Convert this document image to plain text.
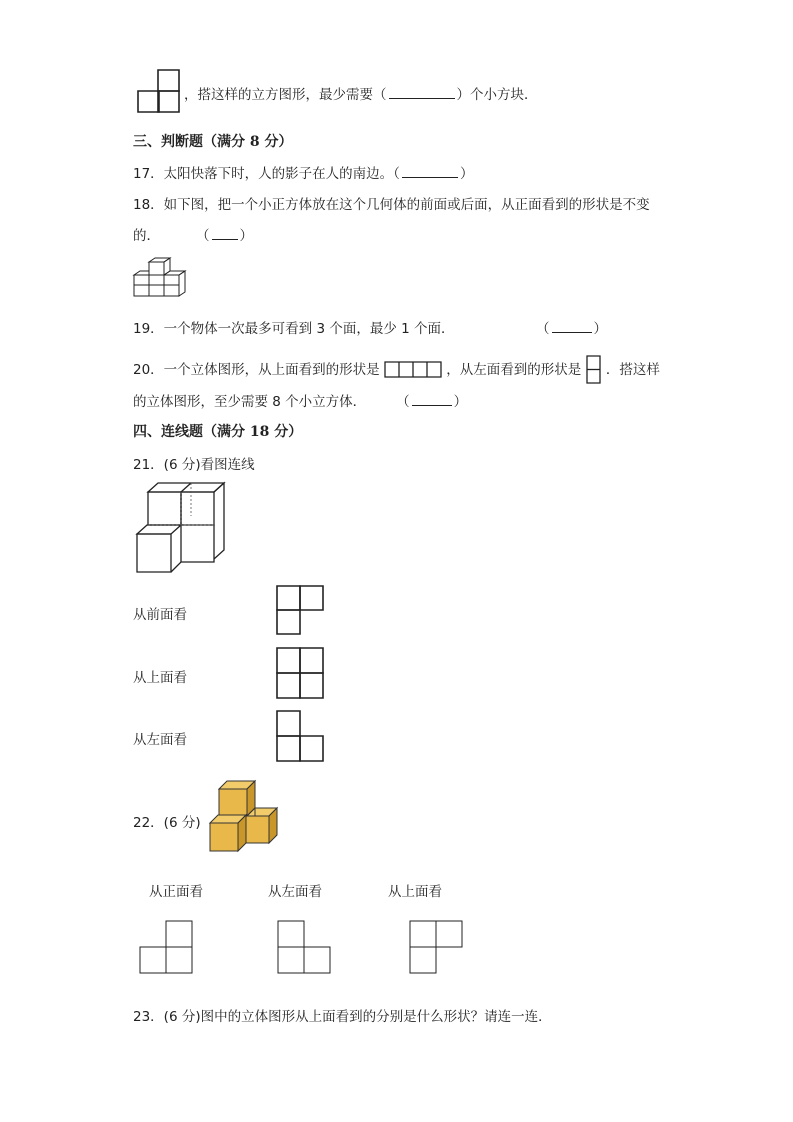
，搭这样的立方图形，最少需要（	）个小方块．
三、判断题（满分 8 分）
17．太阳快落下时，人的影子在人的南边。（	）
18．如下图，把一个小正方体放在这个几何体的前面或后面，从正面看到的形状是不变
的．	（ ）
19．一个物体一次最多可看到 3 个面，最少 1 个面．	（	）
20．一个立体图形，从上面看到的形状是	，从左面看到的形状是 ．搭这样
的立体图形，至少需要 8 个小立方体． （	）
四、连线题（满分 18 分）
21．(6 分)看图连线
从前面看
从上面看
从左面看
22．(6 分)
从正面看	从左面看	从上面看
23．(6 分)图中的立体图形从上面看到的分别是什么形状？请连一连．
